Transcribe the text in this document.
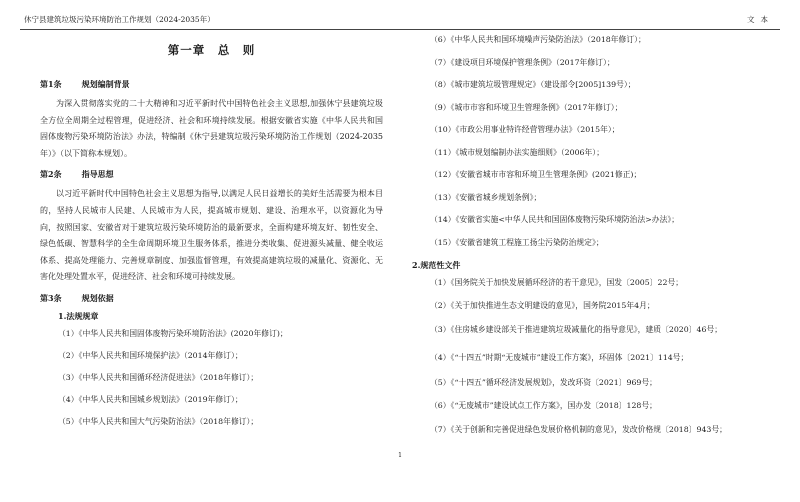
休宁县建筑垃圾污染环境防治工作规划（2024-2035年）	文本
第一章　总　则
第1条	规划编制背景

为深入贯彻落实党的二十大精神和习近平新时代中国特色社会主义思想,加强休宁县建筑垃圾全方位全周期全过程管理，促进经济、社会和环境持续发展。根据安徽省实施《中华人民共和国固体废物污染环境防治法》办法，特编制《休宁县建筑垃圾污染环境防治工作规划（2024-2035年）》（以下简称本规划）。

第2条	指导思想

以习近平新时代中国特色社会主义思想为指导,以满足人民日益增长的美好生活需要为根本目的，坚持人民城市人民建、人民城市为人民，提高城市规划、建设、治理水平，以资源化为导向，按照国家、安徽省对于建筑垃圾污染环境防治的最新要求，全面构建环境友好、韧性安全、绿色低碳、智慧科学的全生命周期环境卫生服务体系，推进分类收集、促进源头减量、健全收运体系、提高处理能力、完善规章制度、加强监督管理，有效提高建筑垃圾的减量化、资源化、无害化处理处置水平，促进经济、社会和环境可持续发展。

第3条	规划依据
1.法规规章
（1）《中华人民共和国固体废物污染环境防治法》(2020年修订)；
（2）《中华人民共和国环境保护法》（2014年修订）；
（3）《中华人民共和国循环经济促进法》（2018年修订）；
（4）《中华人民共和国城乡规划法》（2019年修订）；
（5）《中华人民共和国大气污染防治法》（2018年修订）；
（6）《中华人民共和国环境噪声污染防治法》（2018年修订）；
（7）《建设项目环境保护管理条例》（2017年修订）；
（8）《城市建筑垃圾管理规定》（建设部令[2005]139号）；
（9）《城市市容和环境卫生管理条例》（2017年修订）；
（10）《市政公用事业特许经营管理办法》（2015年）；
（11）《城市规划编制办法实施细则》（2006年）；
（12）《安徽省城市市容和环境卫生管理条例》(2021修正)；
（13）《安徽省城乡规划条例》；
（14）《安徽省实施<中华人民共和国固体废物污染环境防治法>办法》；
（15）《安徽省建筑工程施工扬尘污染防治规定》；
2.规范性文件
（1）《国务院关于加快发展循环经济的若干意见》，国发〔2005〕22号；
（2）《关于加快推进生态文明建设的意见》，国务院2015年4月；
（3）《住房城乡建设部关于推进建筑垃圾减量化的指导意见》，建质〔2020〕46号；
（4）《“十四五”时期“无废城市”建设工作方案》，环固体〔2021〕114号；
（5）《“十四五”循环经济发展规划》，发改环资〔2021〕969号；
（6）《“无废城市”建设试点工作方案》，国办发〔2018〕128号；
（7）《关于创新和完善促进绿色发展价格机制的意见》，发改价格规〔2018〕943号；
1
